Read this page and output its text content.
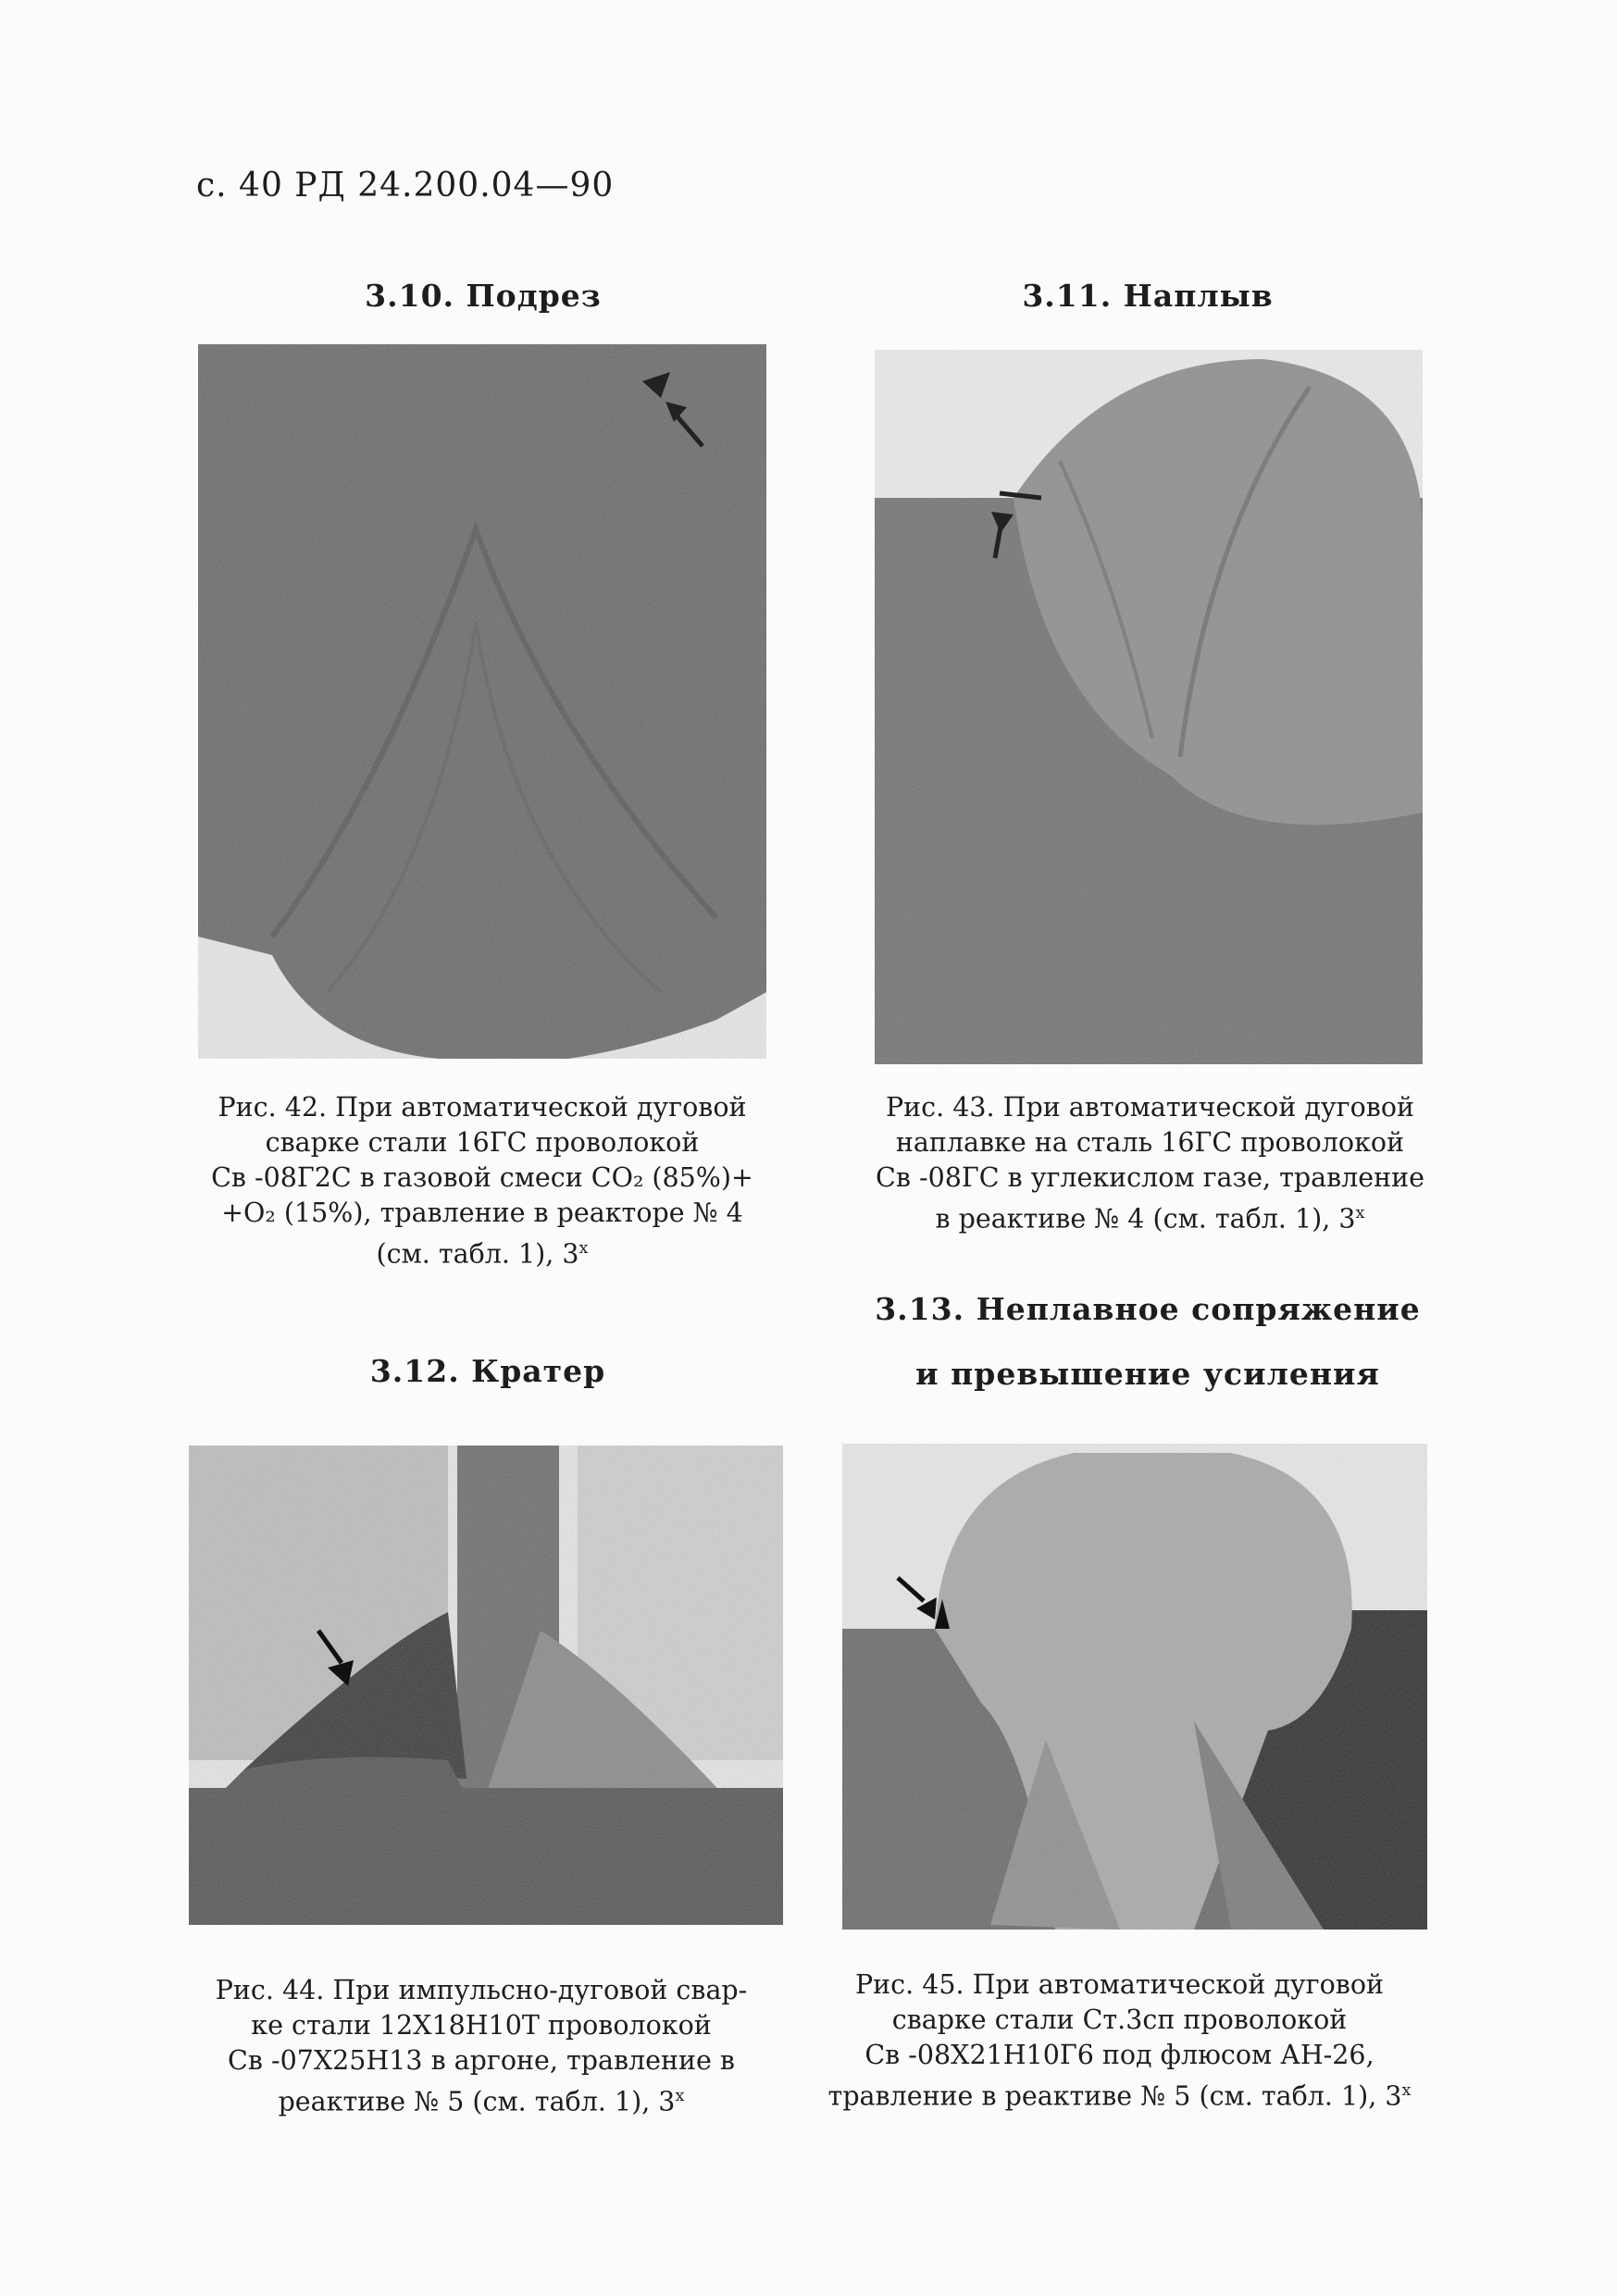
с. 40 РД 24.200.04—90
3.10. Подрез	3.11. Наплыв
Рис. 42. При автоматической дуговой
сварке стали 16ГС проволокой
Св -08Г2С в газовой смеси CO₂ (85%)+
+O₂ (15%), травление в реакторе № 4
(см. табл. 1), $3^х$
Рис. 43. При автоматической дуговой
наплавке на сталь 16ГС проволокой
Св -08ГС в углекислом газе, травление
в реактиве № 4 (см. табл. 1), $3^х$
3.13. Неплавное сопряжение
3.12. Кратер	и превышение усиления
Рис. 44. При импульсно-дуговой свар-
ке стали 12Х18Н10Т проволокой
Св -07Х25Н13 в аргоне, травление в
реактиве № 5 (см. табл. 1), $3^х$
Рис. 45. При автоматической дуговой
сварке стали Ст.3сп проволокой
Св -08Х21Н10Г6 под флюсом АН-26,
травление в реактиве № 5 (см. табл. 1), $3^х$
